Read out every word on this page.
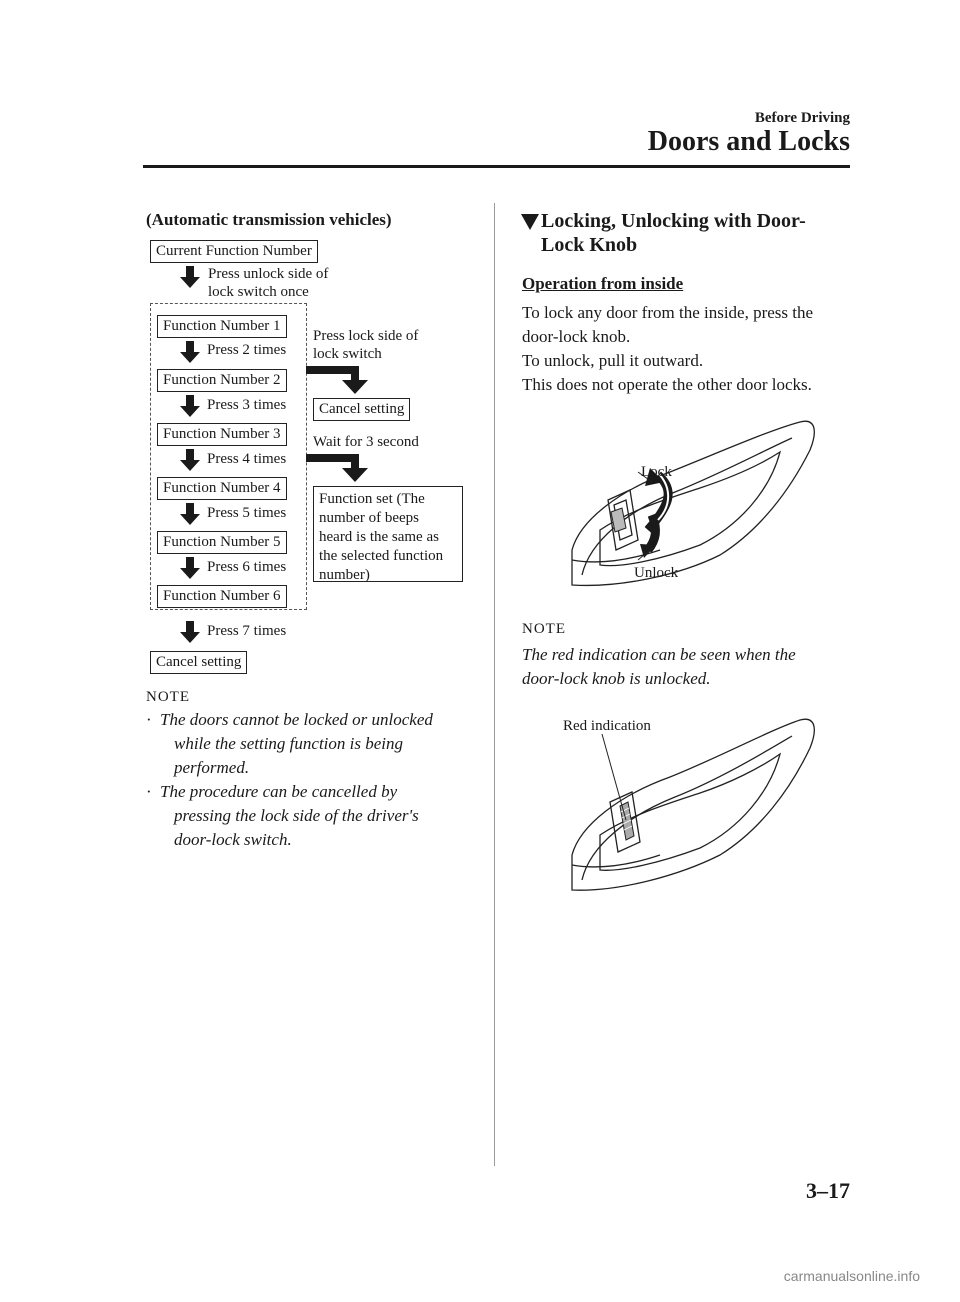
Before Driving
Doors and Locks
(Automatic transmission vehicles)
Current Function Number
Press unlock side of
lock switch once
Function Number 1
Press 2 times
Function Number 2
Press 3 times
Function Number 3
Press 4 times
Function Number 4
Press 5 times
Function Number 5
Press 6 times
Function Number 6
Press 7 times
Cancel setting
Press lock side of
lock switch
Cancel setting
Wait for 3 second
Function set (The
number of beeps
heard is the same as
the selected function
number)
NOTE
· The doors cannot be locked or unlocked
while the setting function is being
performed.
· The procedure can be cancelled by
pressing the lock side of the driver's
door-lock switch.
Locking, Unlocking with Door-
Lock Knob
Operation from inside
To lock any door from the inside, press the
door-lock knob.
To unlock, pull it outward.
This does not operate the other door locks.
Lock
Unlock
NOTE
The red indication can be seen when the
door-lock knob is unlocked.
Red indication
3–17
carmanualsonline.info
